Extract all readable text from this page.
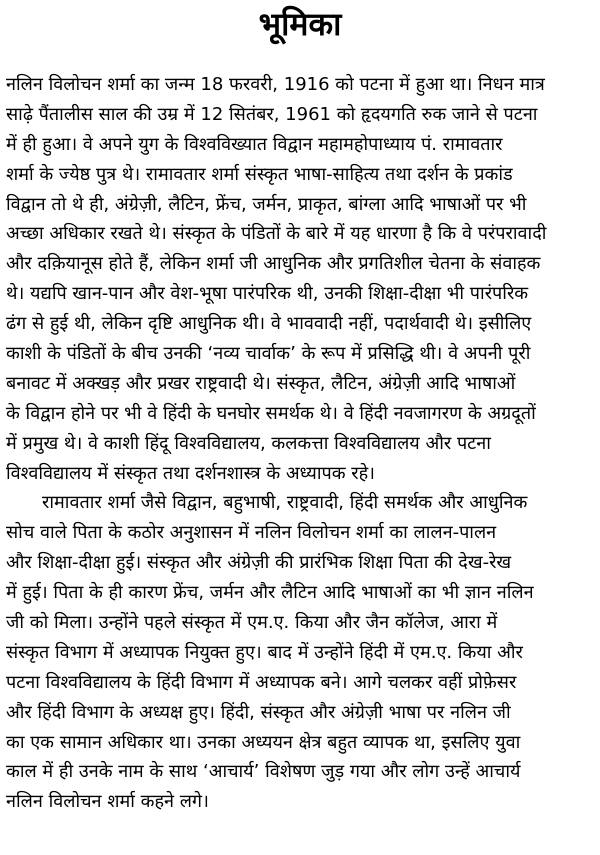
भूमिका

नलिन विलोचन शर्मा का जन्म 18 फरवरी, 1916 को पटना में हुआ था। निधन मात्र
साढ़े पैंतालीस साल की उम्र में 12 सितंबर, 1961 को हृदयगति रुक जाने से पटना
में ही हुआ। वे अपने युग के विश्वविख्यात विद्वान महामहोपाध्याय पं. रामावतार
शर्मा के ज्येष्ठ पुत्र थे। रामावतार शर्मा संस्कृत भाषा-साहित्य तथा दर्शन के प्रकांड
विद्वान तो थे ही, अंग्रेज़ी, लैटिन, फ्रेंच, जर्मन, प्राकृत, बांग्ला आदि भाषाओं पर भी
अच्छा अधिकार रखते थे। संस्कृत के पंडितों के बारे में यह धारणा है कि वे परंपरावादी
और दक़ियानूस होते हैं, लेकिन शर्मा जी आधुनिक और प्रगतिशील चेतना के संवाहक
थे। यद्यपि खान-पान और वेश-भूषा पारंपरिक थी, उनकी शिक्षा-दीक्षा भी पारंपरिक
ढंग से हुई थी, लेकिन दृष्टि आधुनिक थी। वे भाववादी नहीं, पदार्थवादी थे। इसीलिए
काशी के पंडितों के बीच उनकी ‘नव्य चार्वाक’ के रूप में प्रसिद्धि थी। वे अपनी पूरी
बनावट में अक्खड़ और प्रखर राष्ट्रवादी थे। संस्कृत, लैटिन, अंग्रेज़ी आदि भाषाओं
के विद्वान होने पर भी वे हिंदी के घनघोर समर्थक थे। वे हिंदी नवजागरण के अग्रदूतों
में प्रमुख थे। वे काशी हिंदू विश्वविद्यालय, कलकत्ता विश्वविद्यालय और पटना
विश्वविद्यालय में संस्कृत तथा दर्शनशास्त्र के अध्यापक रहे।

रामावतार शर्मा जैसे विद्वान, बहुभाषी, राष्ट्रवादी, हिंदी समर्थक और आधुनिक
सोच वाले पिता के कठोर अनुशासन में नलिन विलोचन शर्मा का लालन-पालन
और शिक्षा-दीक्षा हुई। संस्कृत और अंग्रेज़ी की प्रारंभिक शिक्षा पिता की देख-रेख
में हुई। पिता के ही कारण फ्रेंच, जर्मन और लैटिन आदि भाषाओं का भी ज्ञान नलिन
जी को मिला। उन्होंने पहले संस्कृत में एम.ए. किया और जैन कॉलेज, आरा में
संस्कृत विभाग में अध्यापक नियुक्त हुए। बाद में उन्होंने हिंदी में एम.ए. किया और
पटना विश्वविद्यालय के हिंदी विभाग में अध्यापक बने। आगे चलकर वहीं प्रोफ़ेसर
और हिंदी विभाग के अध्यक्ष हुए। हिंदी, संस्कृत और अंग्रेज़ी भाषा पर नलिन जी
का एक सामान अधिकार था। उनका अध्ययन क्षेत्र बहुत व्यापक था, इसलिए युवा
काल में ही उनके नाम के साथ ‘आचार्य’ विशेषण जुड़ गया और लोग उन्हें आचार्य
नलिन विलोचन शर्मा कहने लगे।
